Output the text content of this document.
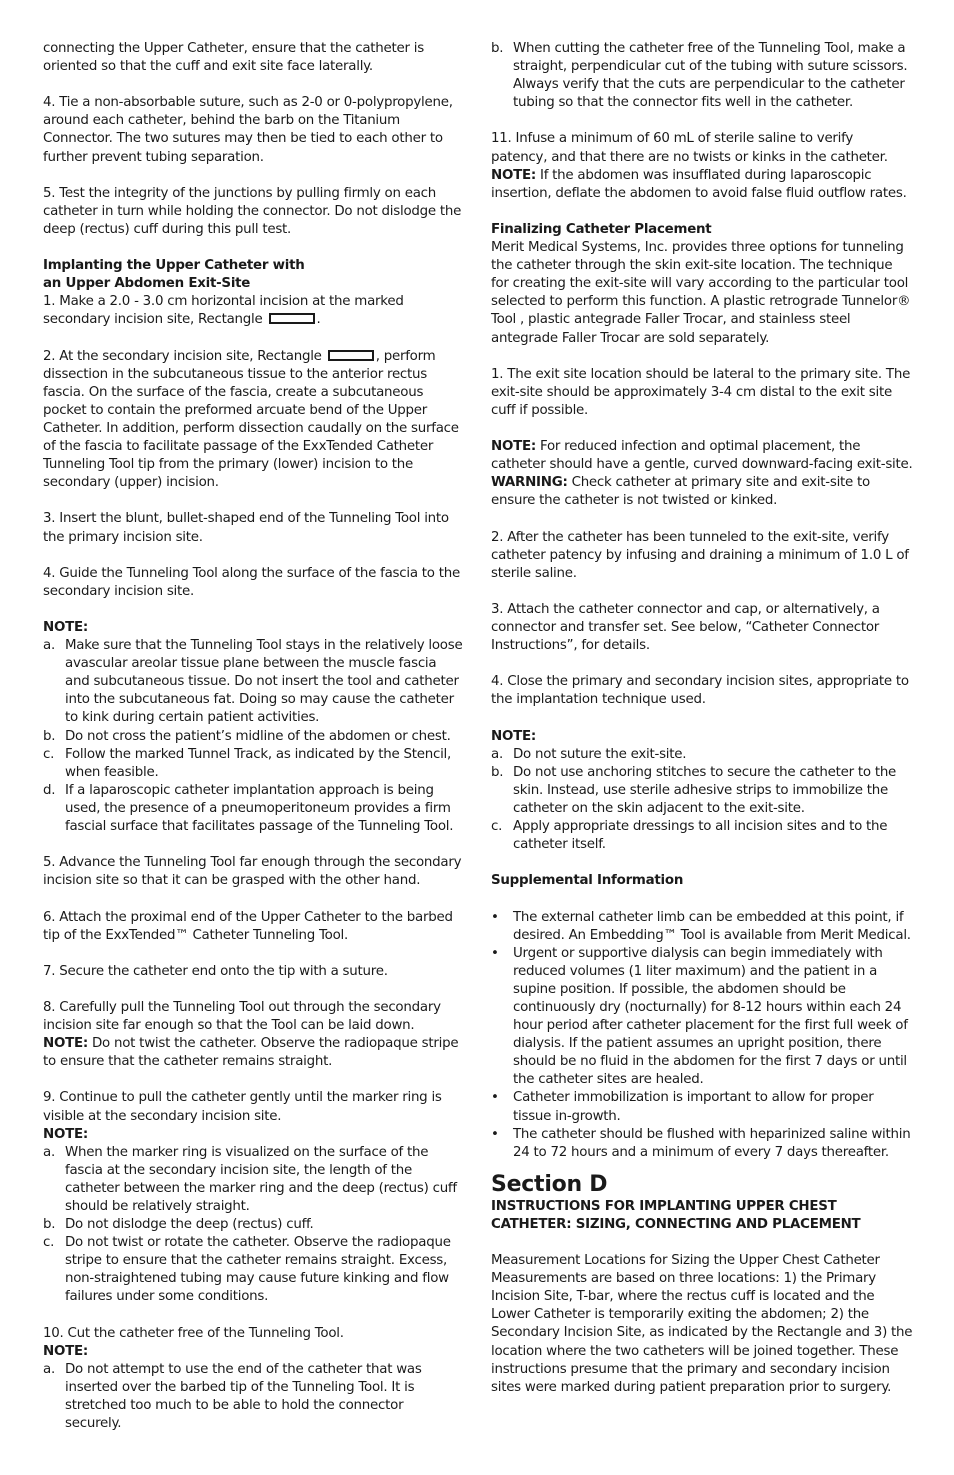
connecting the Upper Catheter, ensure that the catheter is oriented so that the cuff and exit site face laterally.

4. Tie a non-absorbable suture, such as 2-0 or 0-polypropylene, around each catheter, behind the barb on the Titanium Connector. The two sutures may then be tied to each other to further prevent tubing separation.

5. Test the integrity of the junctions by pulling firmly on each catheter in turn while holding the connector. Do not dislodge the deep (rectus) cuff during this pull test.

Implanting the Upper Catheter with

an Upper Abdomen Exit-Site

1. Make a 2.0 - 3.0 cm horizontal incision at the marked secondary incision site, Rectangle	.

2. At the secondary incision site, Rectangle	, perform dissection in the subcutaneous tissue to the anterior rectus fascia. On the surface of the fascia, create a subcutaneous pocket to contain the preformed arcuate bend of the Upper Catheter. In addition, perform dissection caudally on the surface of the fascia to facilitate passage of the ExxTended Catheter Tunneling Tool tip from the primary (lower) incision to the secondary (upper) incision.

3. Insert the blunt, bullet-shaped end of the Tunneling Tool into the primary incision site.

4. Guide the Tunneling Tool along the surface of the fascia to the secondary incision site.

NOTE:

a. Make sure that the Tunneling Tool stays in the relatively loose avascular areolar tissue plane between the muscle fascia and subcutaneous tissue. Do not insert the tool and catheter into the subcutaneous fat. Doing so may cause the catheter to kink during certain patient activities.
b. Do not cross the patient’s midline of the abdomen or chest.
c. Follow the marked Tunnel Track, as indicated by the Stencil, when feasible.
d. If a laparoscopic catheter implantation approach is being used, the presence of a pneumoperitoneum provides a firm fascial surface that facilitates passage of the Tunneling Tool.

5. Advance the Tunneling Tool far enough through the secondary incision site so that it can be grasped with the other hand.

6. Attach the proximal end of the Upper Catheter to the barbed tip of the ExxTended™ Catheter Tunneling Tool.

7. Secure the catheter end onto the tip with a suture.

8. Carefully pull the Tunneling Tool out through the secondary incision site far enough so that the Tool can be laid down.

NOTE: Do not twist the catheter. Observe the radiopaque stripe to ensure that the catheter remains straight.

9. Continue to pull the catheter gently until the marker ring is visible at the secondary incision site.

NOTE:

a. When the marker ring is visualized on the surface of the fascia at the secondary incision site, the length of the catheter between the marker ring and the deep (rectus) cuff should be relatively straight.
b. Do not dislodge the deep (rectus) cuff.
c. Do not twist or rotate the catheter. Observe the radiopaque stripe to ensure that the catheter remains straight. Excess, non-straightened tubing may cause future kinking and flow failures under some conditions.

10. Cut the catheter free of the Tunneling Tool.

NOTE:

a. Do not attempt to use the end of the catheter that was inserted over the barbed tip of the Tunneling Tool. It is stretched too much to be able to hold the connector securely.
b. When cutting the catheter free of the Tunneling Tool, make a straight, perpendicular cut of the tubing with suture scissors. Always verify that the cuts are perpendicular to the catheter tubing so that the connector fits well in the catheter.

11. Infuse a minimum of 60 mL of sterile saline to verify patency, and that there are no twists or kinks in the catheter.

NOTE: If the abdomen was insufflated during laparoscopic insertion, deflate the abdomen to avoid false fluid outflow rates.

Finalizing Catheter Placement

Merit Medical Systems, Inc. provides three options for tunneling the catheter through the skin exit-site location. The technique for creating the exit-site will vary according to the particular tool selected to perform this function. A plastic retrograde Tunnelor® Tool , plastic antegrade Faller Trocar, and stainless steel antegrade Faller Trocar are sold separately.

1. The exit site location should be lateral to the primary site. The exit-site should be approximately 3-4 cm distal to the exit site cuff if possible.

NOTE: For reduced infection and optimal placement, the catheter should have a gentle, curved downward-facing exit-site.

WARNING: Check catheter at primary site and exit-site to ensure the catheter is not twisted or kinked.

2. After the catheter has been tunneled to the exit-site, verify catheter patency by infusing and draining a minimum of 1.0 L of sterile saline.

3. Attach the catheter connector and cap, or alternatively, a connector and transfer set. See below, “Catheter Connector Instructions”, for details.

4. Close the primary and secondary incision sites, appropriate to the implantation technique used.

NOTE:

a. Do not suture the exit-site.
b. Do not use anchoring stitches to secure the catheter to the skin. Instead, use sterile adhesive strips to immobilize the catheter on the skin adjacent to the exit-site.
c. Apply appropriate dressings to all incision sites and to the catheter itself.

Supplemental Information

• The external catheter limb can be embedded at this point, if desired. An Embedding™ Tool is available from Merit Medical.
• Urgent or supportive dialysis can begin immediately with reduced volumes (1 liter maximum) and the patient in a supine position. If possible, the abdomen should be continuously dry (nocturnally) for 8-12 hours within each 24 hour period after catheter placement for the first full week of dialysis. If the patient assumes an upright position, there should be no fluid in the abdomen for the first 7 days or until the catheter sites are healed.
• Catheter immobilization is important to allow for proper tissue in-growth.
• The catheter should be flushed with heparinized saline within 24 to 72 hours and a minimum of every 7 days thereafter.

Section D

INSTRUCTIONS FOR IMPLANTING UPPER CHEST

CATHETER: SIZING, CONNECTING AND PLACEMENT

Measurement Locations for Sizing the Upper Chest Catheter Measurements are based on three locations: 1) the Primary Incision Site, T-bar, where the rectus cuff is located and the Lower Catheter is temporarily exiting the abdomen; 2) the Secondary Incision Site, as indicated by the Rectangle and 3) the location where the two catheters will be joined together. These instructions presume that the primary and secondary incision sites were marked during patient preparation prior to surgery.
